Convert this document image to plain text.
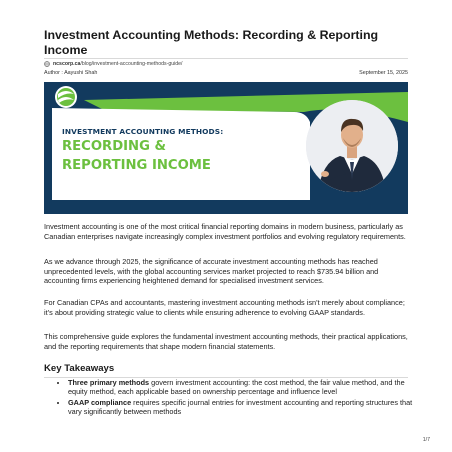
Investment Accounting Methods: Recording & Reporting Income
ncscorp.ca/blog/investment-accounting-methods-guide/
Author : Aayushi Shah	September 15, 2025
INVESTMENT ACCOUNTING METHODS:
RECORDING &
REPORTING INCOME
Investment accounting is one of the most critical financial reporting domains in modern business, particularly as Canadian enterprises navigate increasingly complex investment portfolios and evolving regulatory requirements.
As we advance through 2025, the significance of accurate investment accounting methods has reached unprecedented levels, with the global accounting services market projected to reach $735.94 billion and accounting firms experiencing heightened demand for specialised investment services.
For Canadian CPAs and accountants, mastering investment accounting methods isn’t merely about compliance; it’s about providing strategic value to clients while ensuring adherence to evolving GAAP standards.
This comprehensive guide explores the fundamental investment accounting methods, their practical applications, and the reporting requirements that shape modern financial statements.
Key Takeaways
• Three primary methods govern investment accounting: the cost method, the fair value method, and the equity method, each applicable based on ownership percentage and influence level
• GAAP compliance requires specific journal entries for investment accounting and reporting structures that vary significantly between methods
1/7
